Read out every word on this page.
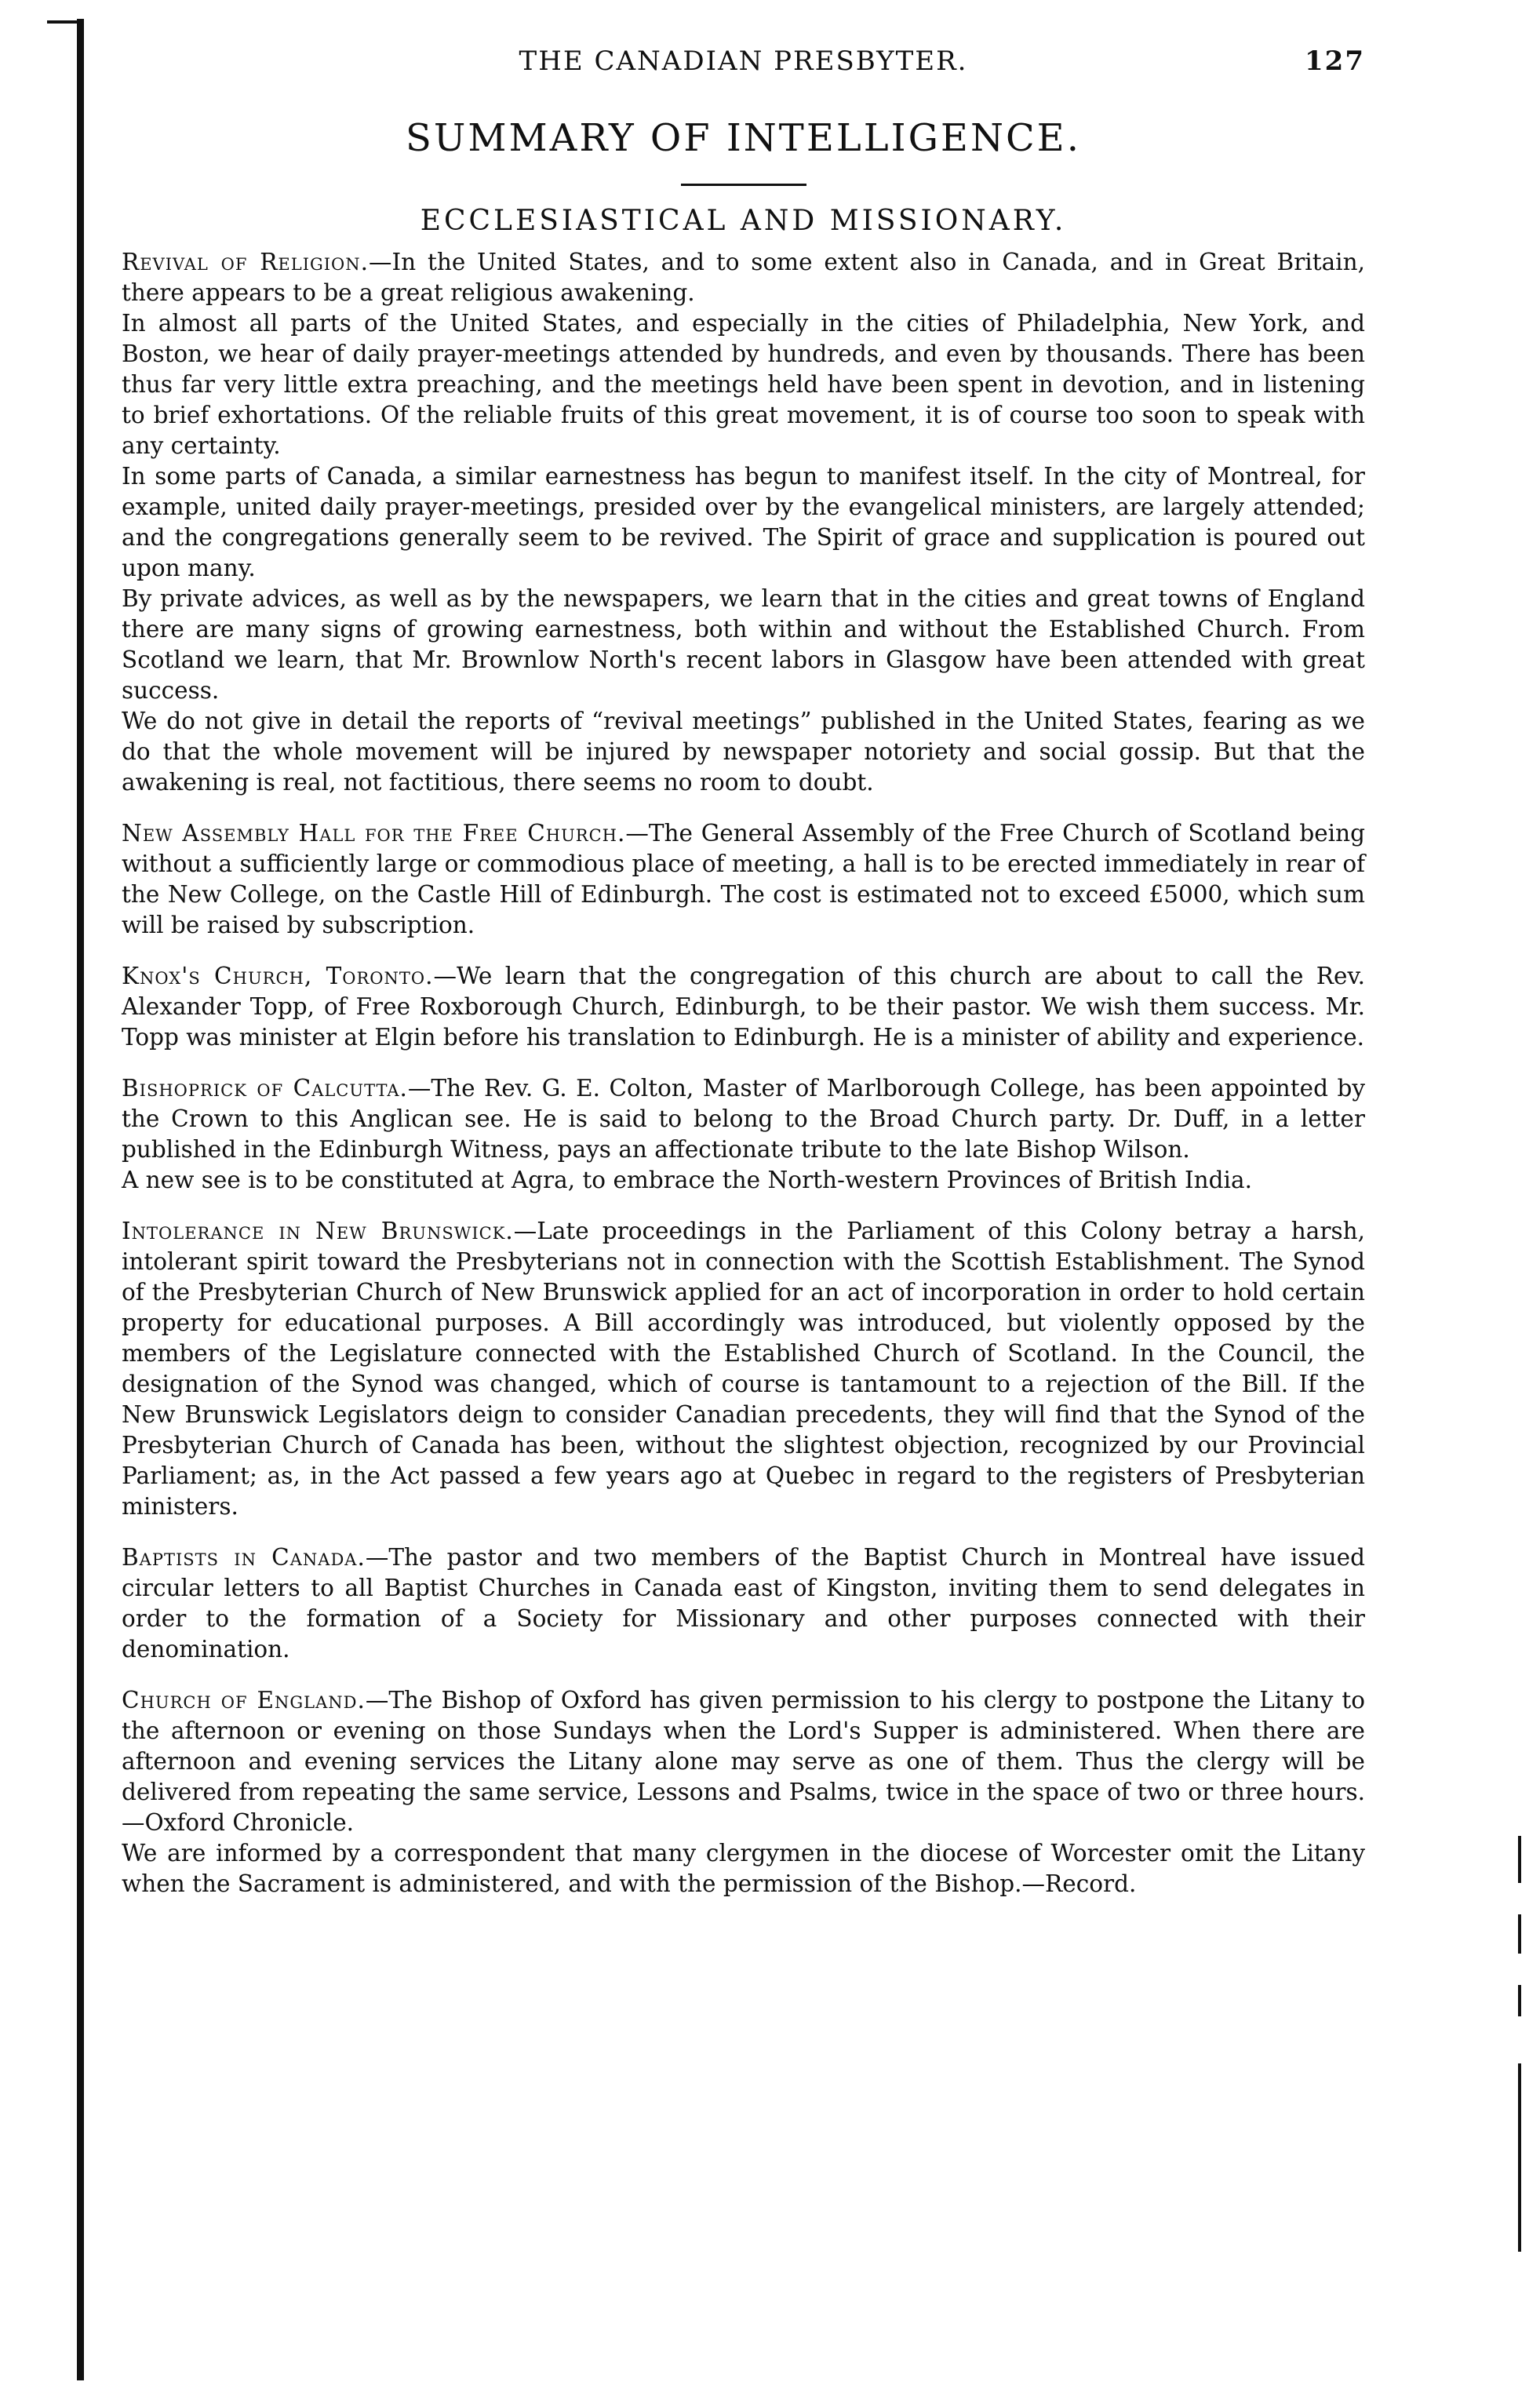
THE CANADIAN PRESBYTER.	127
SUMMARY OF INTELLIGENCE.
ECCLESIASTICAL AND MISSIONARY.

Revival of Religion.—In the United States, and to some extent also in Canada, and in Great Britain, there appears to be a great religious awakening.

In almost all parts of the United States, and especially in the cities of Philadelphia, New York, and Boston, we hear of daily prayer-meetings attended by hundreds, and even by thousands. There has been thus far very little extra preaching, and the meetings held have been spent in devotion, and in listening to brief exhortations. Of the reliable fruits of this great movement, it is of course too soon to speak with any certainty.

In some parts of Canada, a similar earnestness has begun to manifest itself. In the city of Montreal, for example, united daily prayer-meetings, presided over by the evangelical ministers, are largely attended; and the congregations generally seem to be revived. The Spirit of grace and supplication is poured out upon many.

By private advices, as well as by the newspapers, we learn that in the cities and great towns of England there are many signs of growing earnestness, both within and without the Established Church. From Scotland we learn, that Mr. Brownlow North's recent labors in Glasgow have been attended with great success.

We do not give in detail the reports of “revival meetings” published in the United States, fearing as we do that the whole movement will be injured by newspaper notoriety and social gossip. But that the awakening is real, not factitious, there seems no room to doubt.

New Assembly Hall for the Free Church.—The General Assembly of the Free Church of Scotland being without a sufficiently large or commodious place of meeting, a hall is to be erected immediately in rear of the New College, on the Castle Hill of Edinburgh. The cost is estimated not to exceed £5000, which sum will be raised by subscription.

Knox's Church, Toronto.—We learn that the congregation of this church are about to call the Rev. Alexander Topp, of Free Roxborough Church, Edinburgh, to be their pastor. We wish them success. Mr. Topp was minister at Elgin before his translation to Edinburgh. He is a minister of ability and experience.

Bishoprick of Calcutta.—The Rev. G. E. Colton, Master of Marlborough College, has been appointed by the Crown to this Anglican see. He is said to belong to the Broad Church party. Dr. Duff, in a letter published in the Edinburgh Witness, pays an affectionate tribute to the late Bishop Wilson.

A new see is to be constituted at Agra, to embrace the North-western Provinces of British India.

Intolerance in New Brunswick.—Late proceedings in the Parliament of this Colony betray a harsh, intolerant spirit toward the Presbyterians not in connection with the Scottish Establishment. The Synod of the Presbyterian Church of New Brunswick applied for an act of incorporation in order to hold certain property for educational purposes. A Bill accordingly was introduced, but violently opposed by the members of the Legislature connected with the Established Church of Scotland. In the Council, the designation of the Synod was changed, which of course is tantamount to a rejection of the Bill. If the New Brunswick Legislators deign to consider Canadian precedents, they will find that the Synod of the Presbyterian Church of Canada has been, without the slightest objection, recognized by our Provincial Parliament; as, in the Act passed a few years ago at Quebec in regard to the registers of Presbyterian ministers.

Baptists in Canada.—The pastor and two members of the Baptist Church in Montreal have issued circular letters to all Baptist Churches in Canada east of Kingston, inviting them to send delegates in order to the formation of a Society for Missionary and other purposes connected with their denomination.

Church of England.—The Bishop of Oxford has given permission to his clergy to postpone the Litany to the afternoon or evening on those Sundays when the Lord's Supper is administered. When there are afternoon and evening services the Litany alone may serve as one of them. Thus the clergy will be delivered from repeating the same service, Lessons and Psalms, twice in the space of two or three hours.—Oxford Chronicle.

We are informed by a correspondent that many clergymen in the diocese of Worcester omit the Litany when the Sacrament is administered, and with the permission of the Bishop.—Record.
